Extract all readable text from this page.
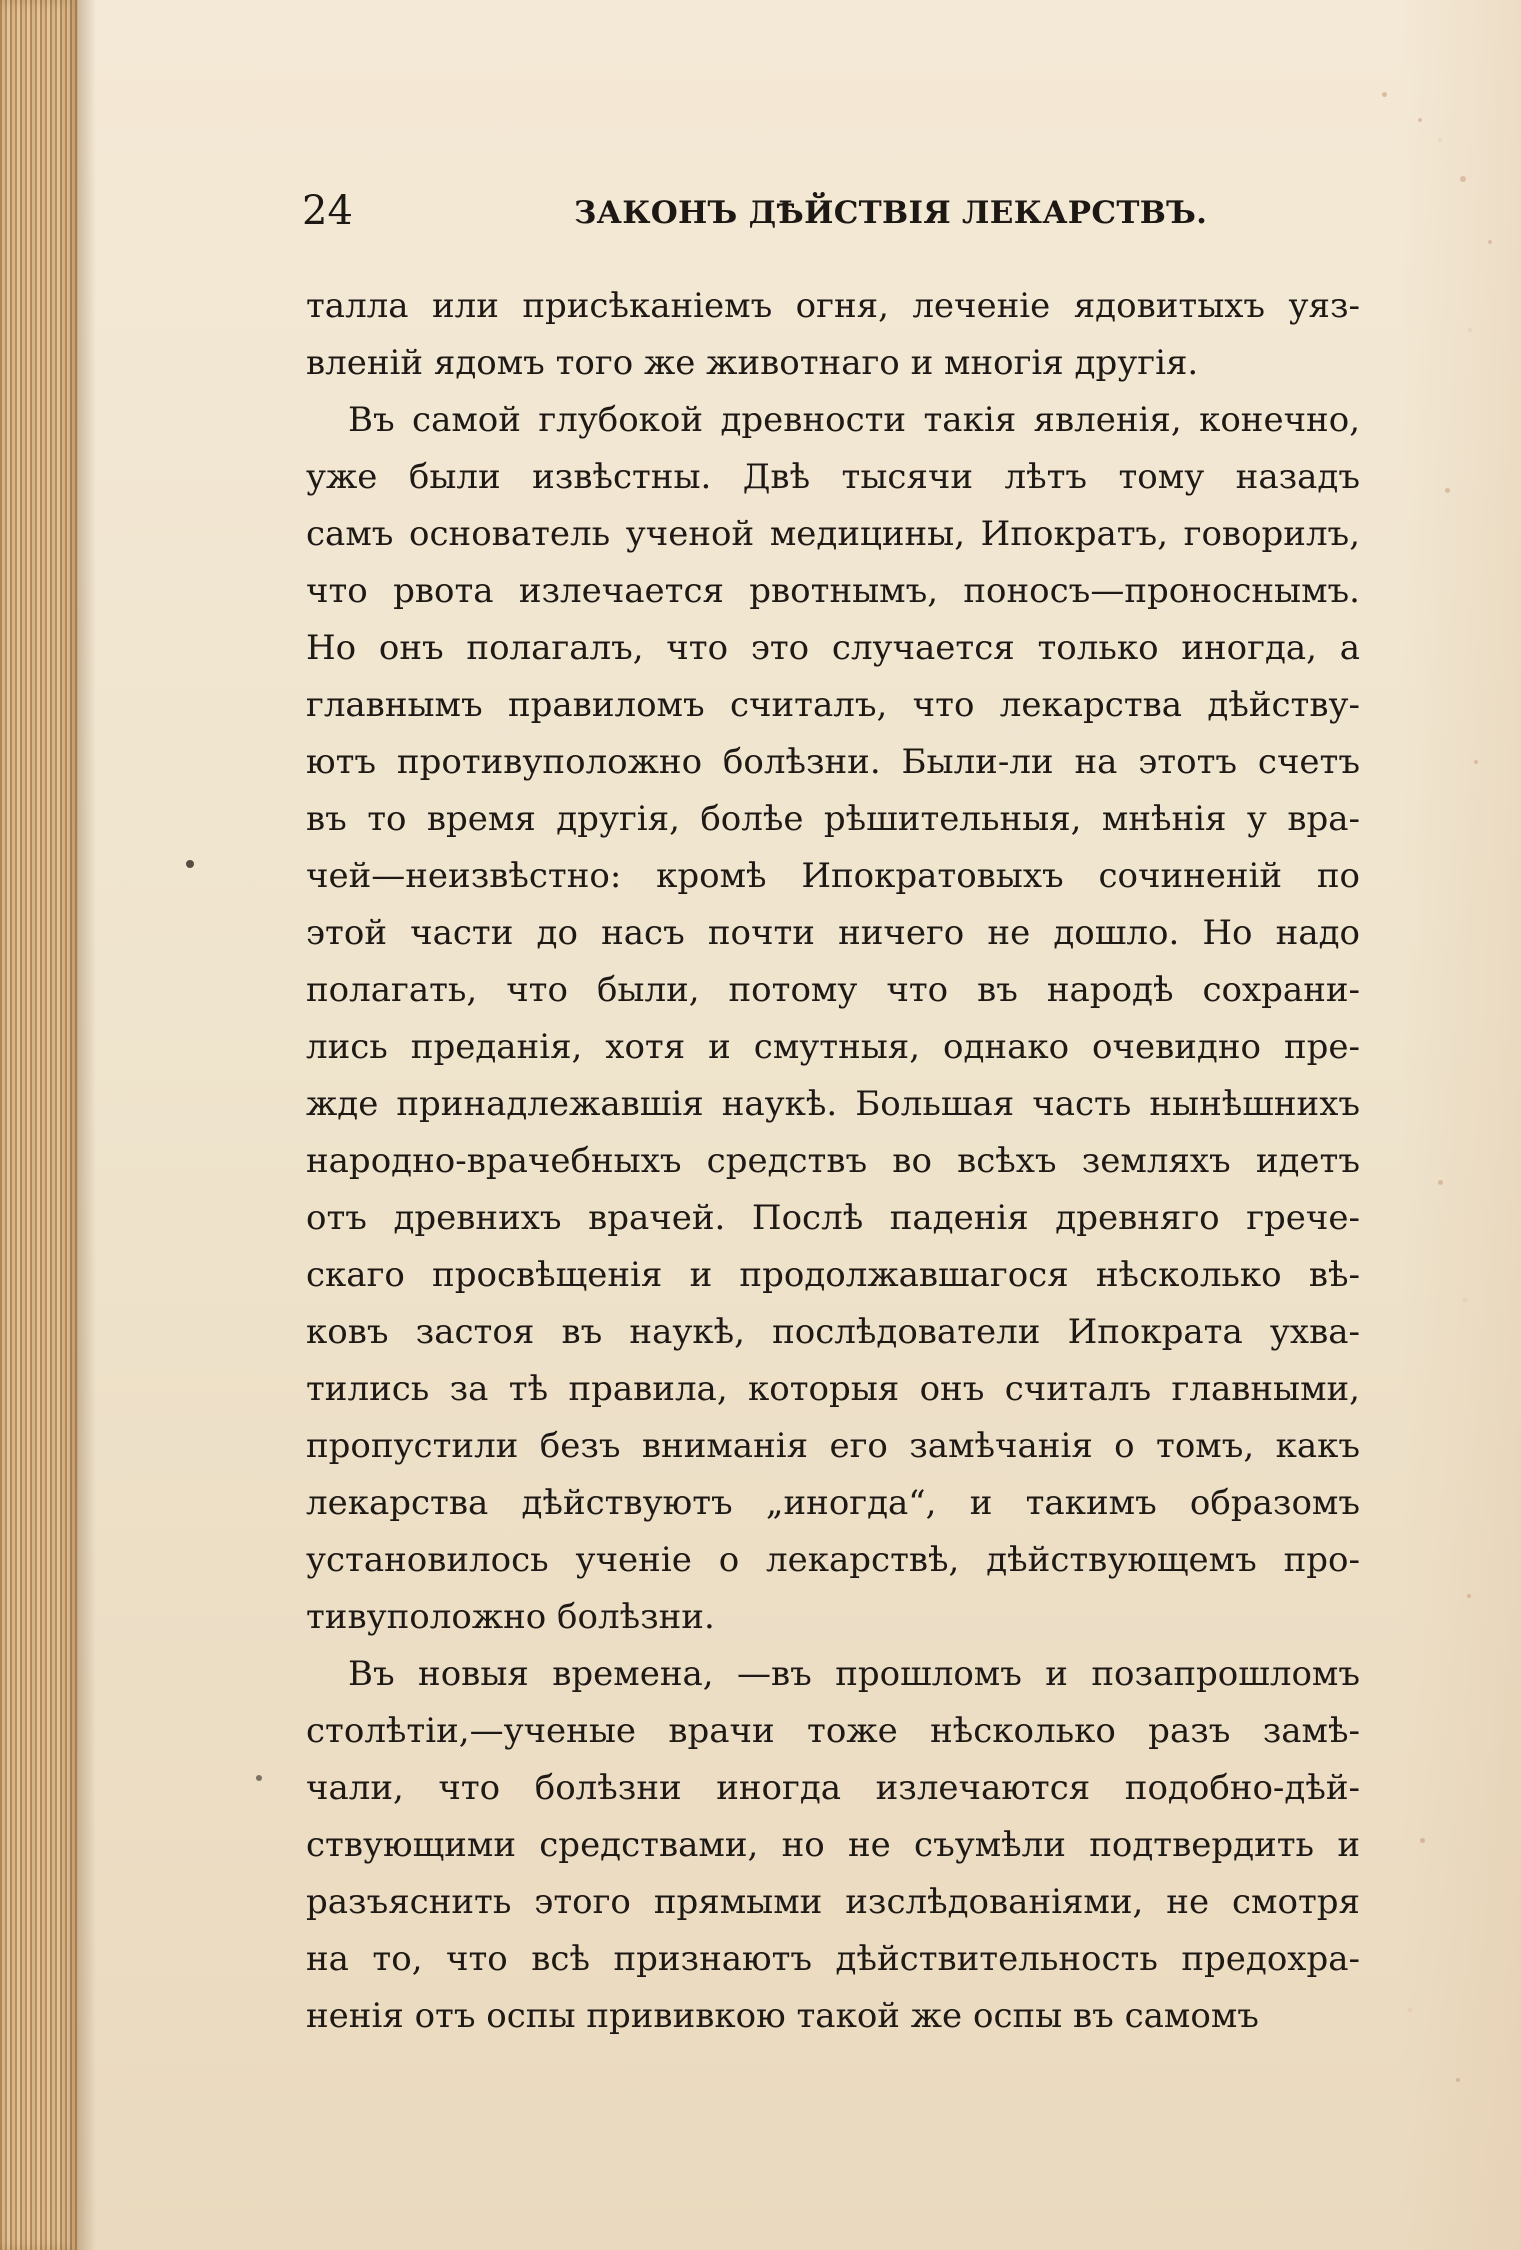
24	ЗАКОНЪ ДѢЙСТВІЯ ЛЕКАРСТВЪ.
талла или присѣканіемъ огня, леченіе ядовитыхъ уяз-
вленій ядомъ того же животнаго и многія другія.
Въ самой глубокой древности такія явленія, конечно,
уже были извѣстны. Двѣ тысячи лѣтъ тому назадъ
самъ основатель ученой медицины, Ипократъ, говорилъ,
что рвота излечается рвотнымъ, поносъ—проноснымъ.
Но онъ полагалъ, что это случается только иногда, а
главнымъ правиломъ считалъ, что лекарства дѣйству-
ютъ противуположно болѣзни. Были-ли на этотъ счетъ
въ то время другія, болѣе рѣшительныя, мнѣнія у вра-
чей—неизвѣстно: кромѣ Ипократовыхъ сочиненій по
этой части до насъ почти ничего не дошло. Но надо
полагать, что были, потому что въ народѣ сохрани-
лись преданія, хотя и смутныя, однако очевидно пре-
жде принадлежавшія наукѣ. Большая часть нынѣшнихъ
народно-врачебныхъ средствъ во всѣхъ земляхъ идетъ
отъ древнихъ врачей. Послѣ паденія древняго грече-
скаго просвѣщенія и продолжавшагося нѣсколько вѣ-
ковъ застоя въ наукѣ, послѣдователи Ипократа ухва-
тились за тѣ правила, которыя онъ считалъ главными,
пропустили безъ вниманія его замѣчанія о томъ, какъ
лекарства дѣйствуютъ „иногда“, и такимъ образомъ
установилось ученіе о лекарствѣ, дѣйствующемъ про-
тивуположно болѣзни.
Въ новыя времена, —въ прошломъ и позапрошломъ
столѣтіи,—ученые врачи тоже нѣсколько разъ замѣ-
чали, что болѣзни иногда излечаются подобно-дѣй-
ствующими средствами, но не съумѣли подтвердить и
разъяснить этого прямыми изслѣдованіями, не смотря
на то, что всѣ признаютъ дѣйствительность предохра-
ненія отъ оспы прививкою такой же оспы въ самомъ
